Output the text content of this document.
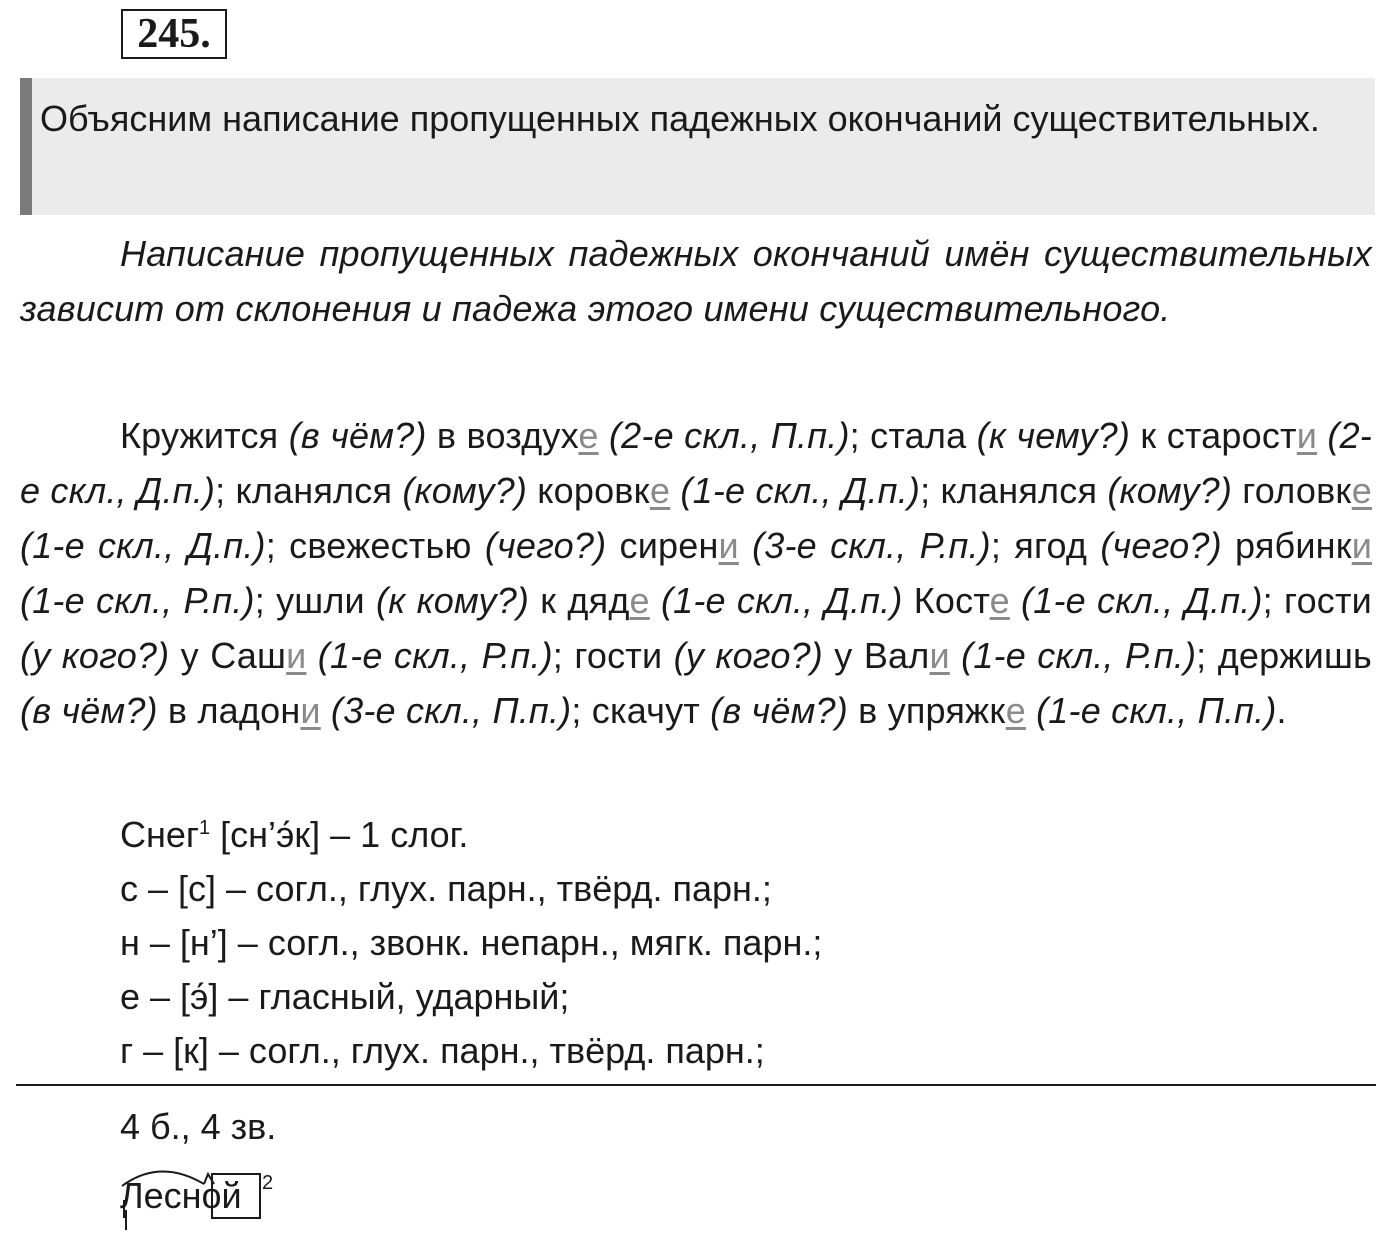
245.
Объясним написание пропущенных падежных окончаний существительных.
Написание пропущенных падежных окончаний имён существительных зависит от склонения и падежа этого имени существительного.
Кружится (в чём?) в воздухе (2-е скл., П.п.); стала (к чему?) к старости (2-е скл., Д.п.); кланялся (кому?) коровке (1-е скл., Д.п.); кланялся (кому?) головке (1-е скл., Д.п.); свежестью (чего?) сирени (3-е скл., Р.п.); ягод (чего?) рябинки (1-е скл., Р.п.); ушли (к кому?) к дяде (1-е скл., Д.п.) Косте (1-е скл., Д.п.); гости (у кого?) у Саши (1-е скл., Р.п.); гости (у кого?) у Вали (1-е скл., Р.п.); держишь (в чём?) в ладони (3-е скл., П.п.); скачут (в чём?) в упряжке (1-е скл., П.п.).
Снег$^1$ [сн’э́к] – 1 слог.
с – [с] – согл., глух. парн., твёрд. парн.;
н – [н’] – согл., звонк. непарн., мягк. парн.;
е – [э́] – гласный, ударный;
г – [к] – согл., глух. парн., твёрд. парн.;
4 б., 4 зв.
Лесной 2
